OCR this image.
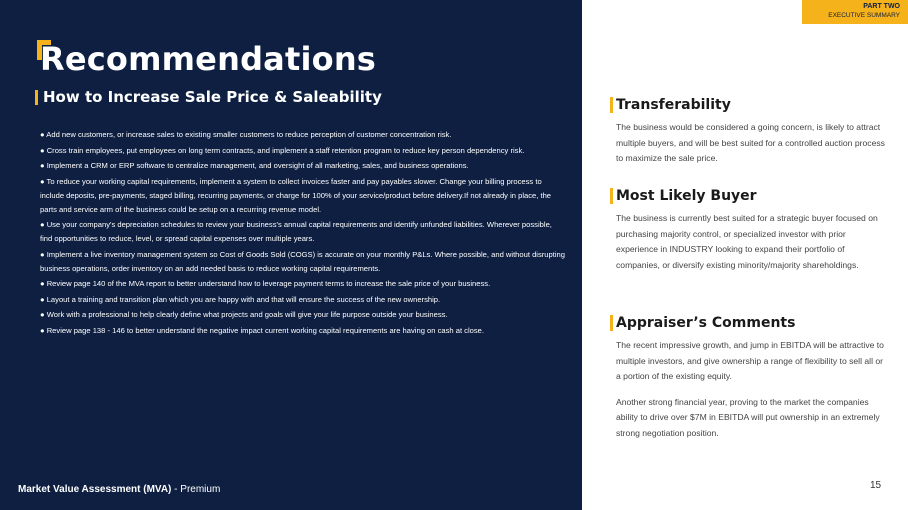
Recommendations
How to Increase Sale Price & Saleability
● Add new customers, or increase sales to existing smaller customers to reduce perception of customer concentration risk.
● Cross train employees, put employees on long term contracts, and implement a staff retention program to reduce key person dependency risk.
● Implement a CRM or ERP software to centralize management, and oversight of all marketing, sales, and business operations.
● To reduce your working capital requirements, implement a system to collect invoices faster and pay payables slower. Change your billing process to include deposits, pre-payments, staged billing, recurring payments, or charge for 100% of your service/product before delivery.If not already in place, the parts and service arm of the business could be setup on a recurring revenue model.
● Use your company's depreciation schedules to review your business's annual capital requirements and identify unfunded liabilities. Wherever possible, find opportunities to reduce, level, or spread capital expenses over multiple years.
● Implement a live inventory management system so Cost of Goods Sold (COGS) is accurate on your monthly P&Ls. Where possible, and without disrupting business operations, order inventory on an add needed basis to reduce working capital requirements.
● Review page 140 of the MVA report to better understand how to leverage payment terms to increase the sale price of your business.
● Layout a training and transition plan which you are happy with and that will ensure the success of the new ownership.
● Work with a professional to help clearly define what projects and goals will give your life purpose outside your business.
● Review page 138 - 146 to better understand the negative impact current working capital requirements are having on cash at close.
Market Value Assessment (MVA) - Premium
PART TWO
EXECUTIVE SUMMARY
Transferability

The business would be considered a going concern, is likely to attract multiple buyers, and will be best suited for a controlled auction process to maximize the sale price.

Most Likely Buyer

The business is currently best suited for a strategic buyer focused on purchasing majority control, or specialized investor with prior experience in INDUSTRY looking to expand their portfolio of companies, or diversify existing minority/majority shareholdings.

Appraiser’s Comments

The recent impressive growth, and jump in EBITDA will be attractive to multiple investors, and give ownership a range of flexibility to sell all or a portion of the existing equity.

Another strong financial year, proving to the market the companies ability to drive over $7M in EBITDA will put ownership in an extremely strong negotiation position.

15
